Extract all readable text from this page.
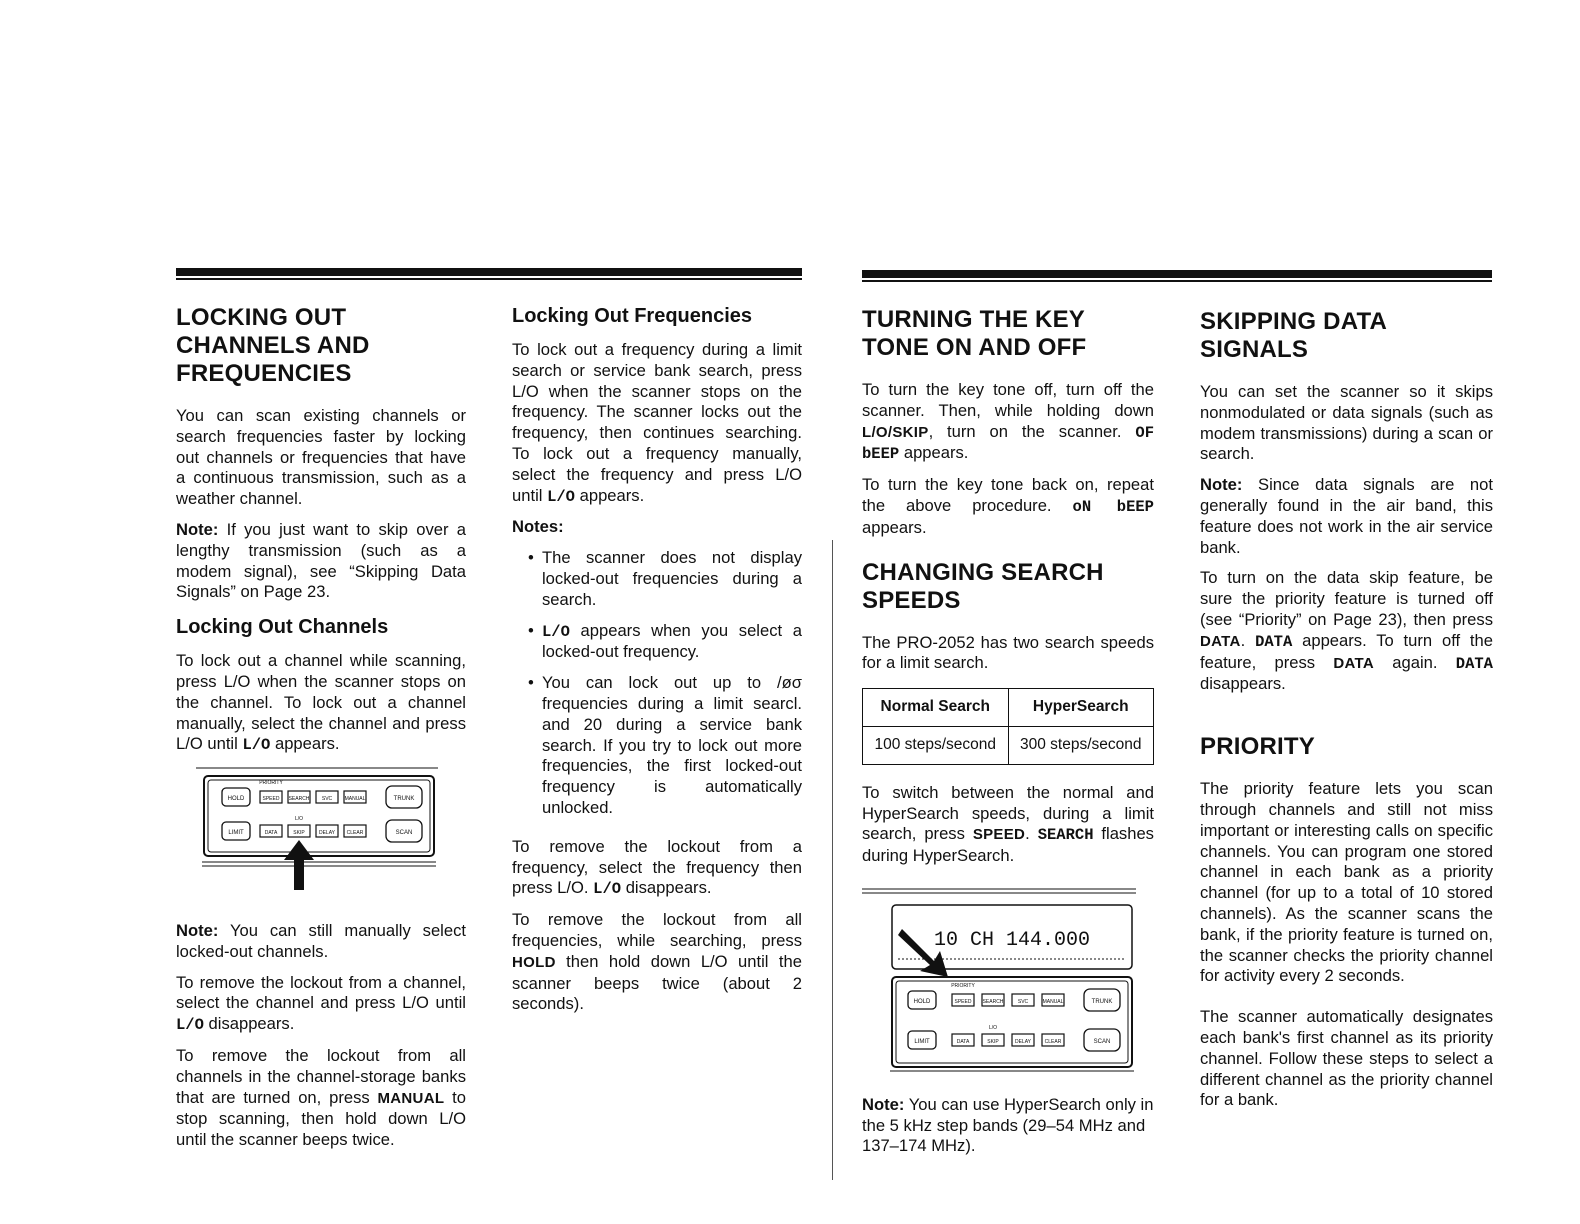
LOCKING OUT CHANNELS AND FREQUENCIES

You can scan existing channels or search frequencies faster by locking out channels or frequencies that have a continuous transmission, such as a weather channel.

Note: If you just want to skip over a lengthy transmission (such as a modem signal), see “Skipping Data Signals” on Page 23.

Locking Out Channels

To lock out a channel while scanning, press L/O when the scanner stops on the channel. To lock out a channel manually, select the channel and press L/O until L/O appears.

HOLD
PRIORITY
SPEED SEARCH SVC MANUAL	TRUNK
LIMIT	DATA
L/O
SKIP	DELAY CLEAR	SCAN

Note: You can still manually select locked-out channels.

To remove the lockout from a channel, select the channel and press L/O until L/O disappears.

To remove the lockout from all channels in the channel-storage banks that are turned on, press MANUAL to stop scanning, then hold down L/O until the scanner beeps twice.

Locking Out Frequencies

To lock out a frequency during a limit search or service bank search, press L/O when the scanner stops on the frequency. The scanner locks out the frequency, then continues searching. To lock out a frequency manually, select the frequency and press L/O until L/O appears.

Notes:

• The scanner does not display locked-out frequencies during a search.
• L/O appears when you select a locked-out frequency.
• You can lock out up to /øσ frequencies during a limit searcl. and 20 during a service bank search. If you try to lock out more frequencies, the first locked-out frequency is automatically unlocked.

To remove the lockout from a frequency, select the frequency then press L/O. L/O disappears.

To remove the lockout from all frequencies, while searching, press HOLD then hold down L/O until the scanner beeps twice (about 2 seconds).

TURNING THE KEY TONE ON AND OFF

To turn the key tone off, turn off the scanner. Then, while holding down L/O/SKIP, turn on the scanner. OF bEEP appears.

To turn the key tone back on, repeat the above procedure. oN bEEP appears.

CHANGING SEARCH SPEEDS

The PRO-2052 has two search speeds for a limit search.

Normal Search	HyperSearch
100 steps/second	300 steps/second

To switch between the normal and HyperSearch speeds, during a limit search, press SPEED. SEARCH flashes during HyperSearch.

10 CH 144.000
HOLD
PRIORITY
SPEED SEARCH	SVC	MANUAL	TRUNK
LIMIT	DATA
L/O
SKIP	DELAY	CLEAR	SCAN

Note: You can use HyperSearch only in the 5 kHz step bands (29–54 MHz and 137–174 MHz).

SKIPPING DATA SIGNALS

You can set the scanner so it skips nonmodulated or data signals (such as modem transmissions) during a scan or search.

Note: Since data signals are not generally found in the air band, this feature does not work in the air service bank.

To turn on the data skip feature, be sure the priority feature is turned off (see “Priority” on Page 23), then press DATA. DATA appears. To turn off the feature, press DATA again. DATA disappears.

PRIORITY

The priority feature lets you scan through channels and still not miss important or interesting calls on specific channels. You can program one stored channel in each bank as a priority channel (for up to a total of 10 stored channels). As the scanner scans the bank, if the priority feature is turned on, the scanner checks the priority channel for activity every 2 seconds.

The scanner automatically designates each bank's first channel as its priority channel. Follow these steps to select a different channel as the priority channel for a bank.
